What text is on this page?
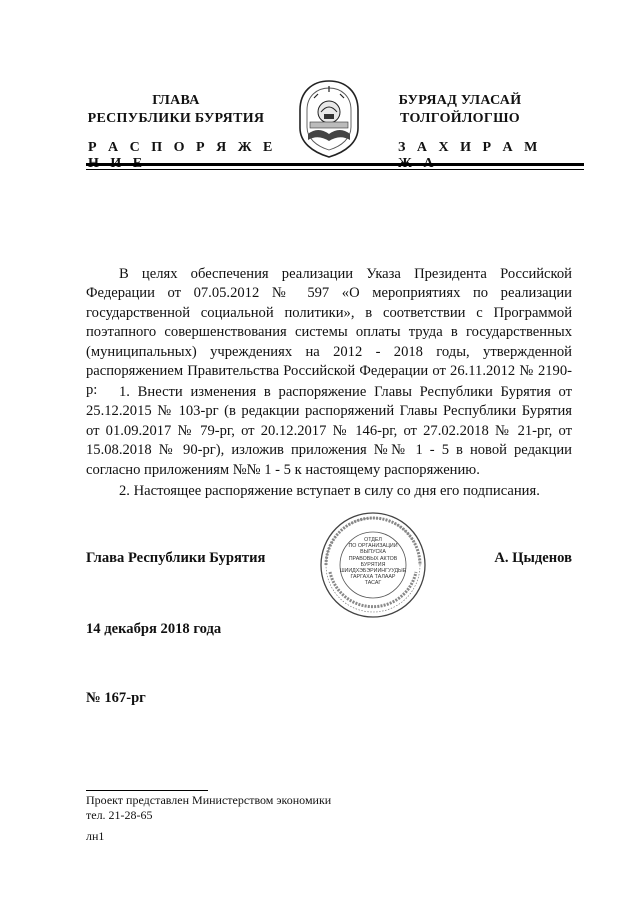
ГЛАВА
РЕСПУБЛИКИ БУРЯТИЯ
БУРЯАД УЛАСАЙ
ТОЛГОЙЛОГШО
Р А С П О Р Я Ж Е	З А Х И Р А М

В целях обеспечения реализации Указа Президента Российской Федерации от 07.05.2012 № 597 «О мероприятиях по реализации государственной социальной политики», в соответствии с Программой поэтапного совершенствования системы оплаты труда в государственных (муниципальных) учреждениях на 2012 - 2018 годы, утвержденной распоряжением Правительства Российской Федерации от 26.11.2012 № 2190-р:	1. Внести изменения в распоряжение Главы Республики Бурятия от 25.12.2015 № 103-рг (в редакции распоряжений Главы Республики Бурятия от 01.09.2017 № 79-рг, от 20.12.2017 № 146-рг, от 27.02.2018 № 21-рг, от 15.08.2018 № 90-рг), изложив приложения №№ 1 - 5 в новой редакции согласно приложениям №№ 1 - 5 к настоящему распоряжению.

2. Настоящее распоряжение вступает в силу со дня его подписания.

Глава Республики Бурятия
ОТДЕЛ
ПО ОРГАНИЗАЦИИ
ВЫПУСКА
ПРАВОВЫХ АКТОВ
БУРЯТИЯ
ШИИДХЭБЭРИИНГУУДЫЕ
ГАРГАХА ТАЛААР
ТАСАГ
А. Цыденов
14 декабря 2018 года
№ 167-рг
Проект представлен Министерством экономики
тел. 21-28-65
лн1
